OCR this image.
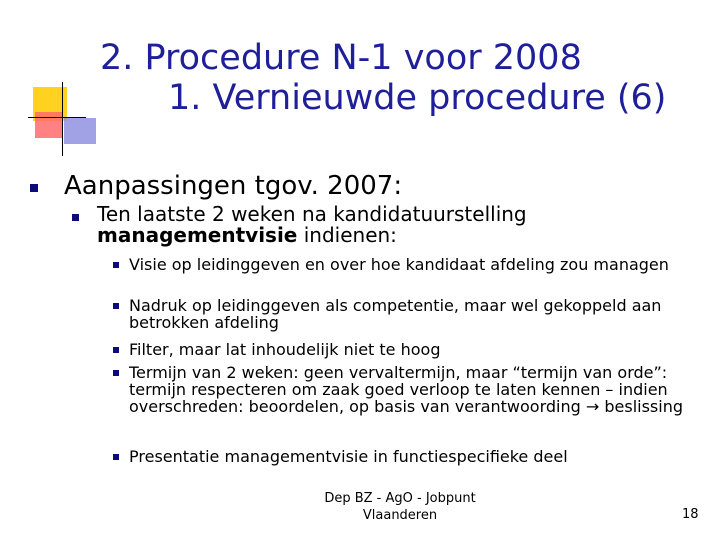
2. Procedure N-1 voor 2008
1. Vernieuwde procedure (6)
Aanpassingen tgov. 2007:
Ten laatste 2 weken na kandidatuurstelling managementvisie indienen:
Visie op leidinggeven en over hoe kandidaat afdeling zou managen
Nadruk op leidinggeven als competentie, maar wel gekoppeld aan betrokken afdeling
Filter, maar lat inhoudelijk niet te hoog
Termijn van 2 weken: geen vervaltermijn, maar “termijn van orde”: termijn respecteren om zaak goed verloop te laten kennen – indien overschreden: beoordelen, op basis van verantwoording → beslissing
Presentatie managementvisie in functiespecifieke deel
Dep BZ - AgO - Jobpunt
Vlaanderen	18
